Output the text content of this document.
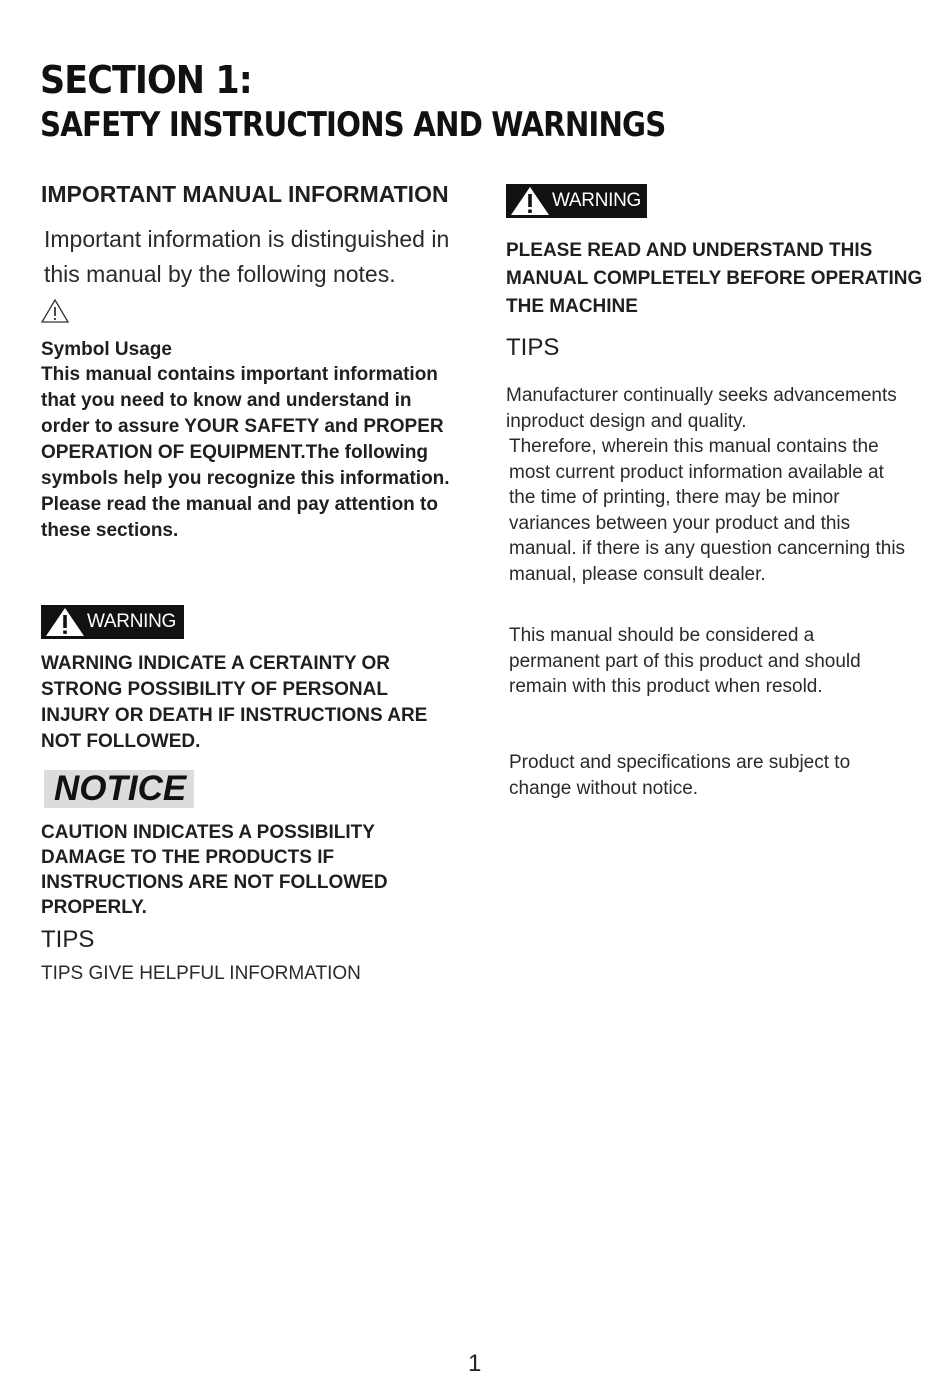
SECTION 1:
SAFETY INSTRUCTIONS AND WARNINGS
IMPORTANT MANUAL INFORMATION
Important information is distinguished in this manual by the following notes.
Symbol Usage
This manual contains important information that you need to know and understand in order to assure YOUR SAFETY and PROPER OPERATION OF EQUIPMENT.The following symbols help you recognize this information. Please read the manual and pay attention to these sections.
WARNING
WARNING INDICATE A CERTAINTY OR STRONG POSSIBILITY OF PERSONAL INJURY OR DEATH IF INSTRUCTIONS ARE NOT FOLLOWED.
NOTICE
CAUTION INDICATES A POSSIBILITY DAMAGE TO THE PRODUCTS IF INSTRUCTIONS ARE NOT FOLLOWED PROPERLY.
TIPS
TIPS GIVE HELPFUL INFORMATION
WARNING
PLEASE READ AND UNDERSTAND THIS MANUAL COMPLETELY BEFORE OPERATING THE MACHINE
TIPS
Manufacturer continually seeks advancements
inproduct design and quality.
Therefore, wherein this manual contains the most current product information available at the time of printing, there may be minor variances between your product and this manual. if there is any question cancerning this manual, please consult dealer.
This manual should be considered a permanent part of this product and should remain with this product when resold.
Product and specifications are subject to change without notice.
1
